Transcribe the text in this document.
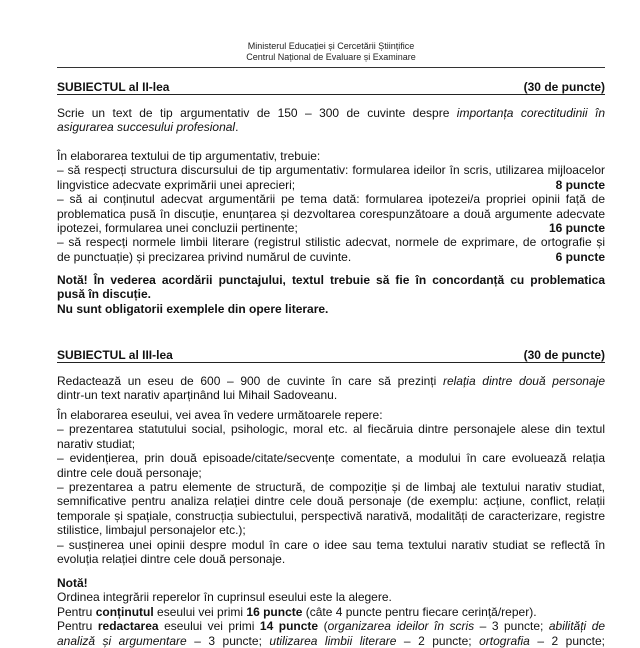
Ministerul Educației și Cercetării Științifice
Centrul Național de Evaluare și Examinare
SUBIECTUL al II-lea	(30 de puncte)

Scrie un text de tip argumentativ de 150 – 300 de cuvinte despre importanța corectitudinii în

asigurarea succesului profesional.

În elaborarea textului de tip argumentativ, trebuie:

– să respecți structura discursului de tip argumentativ: formularea ideilor în scris, utilizarea mijloacelor

lingvistice adecvate exprimării unei aprecieri;	8 puncte

– să ai conținutul adecvat argumentării pe tema dată: formularea ipotezei/a propriei opinii față de

problematica pusă în discuție, enunțarea și dezvoltarea corespunzătoare a două argumente adecvate

ipotezei, formularea unei concluzii pertinente;	16 puncte

– să respecți normele limbii literare (registrul stilistic adecvat, normele de exprimare, de ortografie și

de punctuație) și precizarea privind numărul de cuvinte.	6 puncte

Notă! În vederea acordării punctajului, textul trebuie să fie în concordanță cu problematica

pusă în discuție.

Nu sunt obligatorii exemplele din opere literare.

SUBIECTUL al III-lea	(30 de puncte)

Redactează un eseu de 600 – 900 de cuvinte în care să prezinți relația dintre două personaje

dintr-un text narativ aparținând lui Mihail Sadoveanu.

În elaborarea eseului, vei avea în vedere următoarele repere:

– prezentarea statutului social, psihologic, moral etc. al fiecăruia dintre personajele alese din textul

narativ studiat;

– evidențierea, prin două episoade/citate/secvențe comentate, a modului în care evoluează relația

dintre cele două personaje;

– prezentarea a patru elemente de structură, de compoziție și de limbaj ale textului narativ studiat,

semnificative pentru analiza relației dintre cele două personaje (de exemplu: acțiune, conflict, relații

temporale și spațiale, construcția subiectului, perspectivă narativă, modalități de caracterizare, registre

stilistice, limbajul personajelor etc.);

– susținerea unei opinii despre modul în care o idee sau tema textului narativ studiat se reflectă în

evoluția relației dintre cele două personaje.

Notă!

Ordinea integrării reperelor în cuprinsul eseului este la alegere.

Pentru conținutul eseului vei primi 16 puncte (câte 4 puncte pentru fiecare cerință/reper).

Pentru redactarea eseului vei primi 14 puncte (organizarea ideilor în scris – 3 puncte; abilități de

analiză și argumentare – 3 puncte; utilizarea limbii literare – 2 puncte; ortografia – 2 puncte;
